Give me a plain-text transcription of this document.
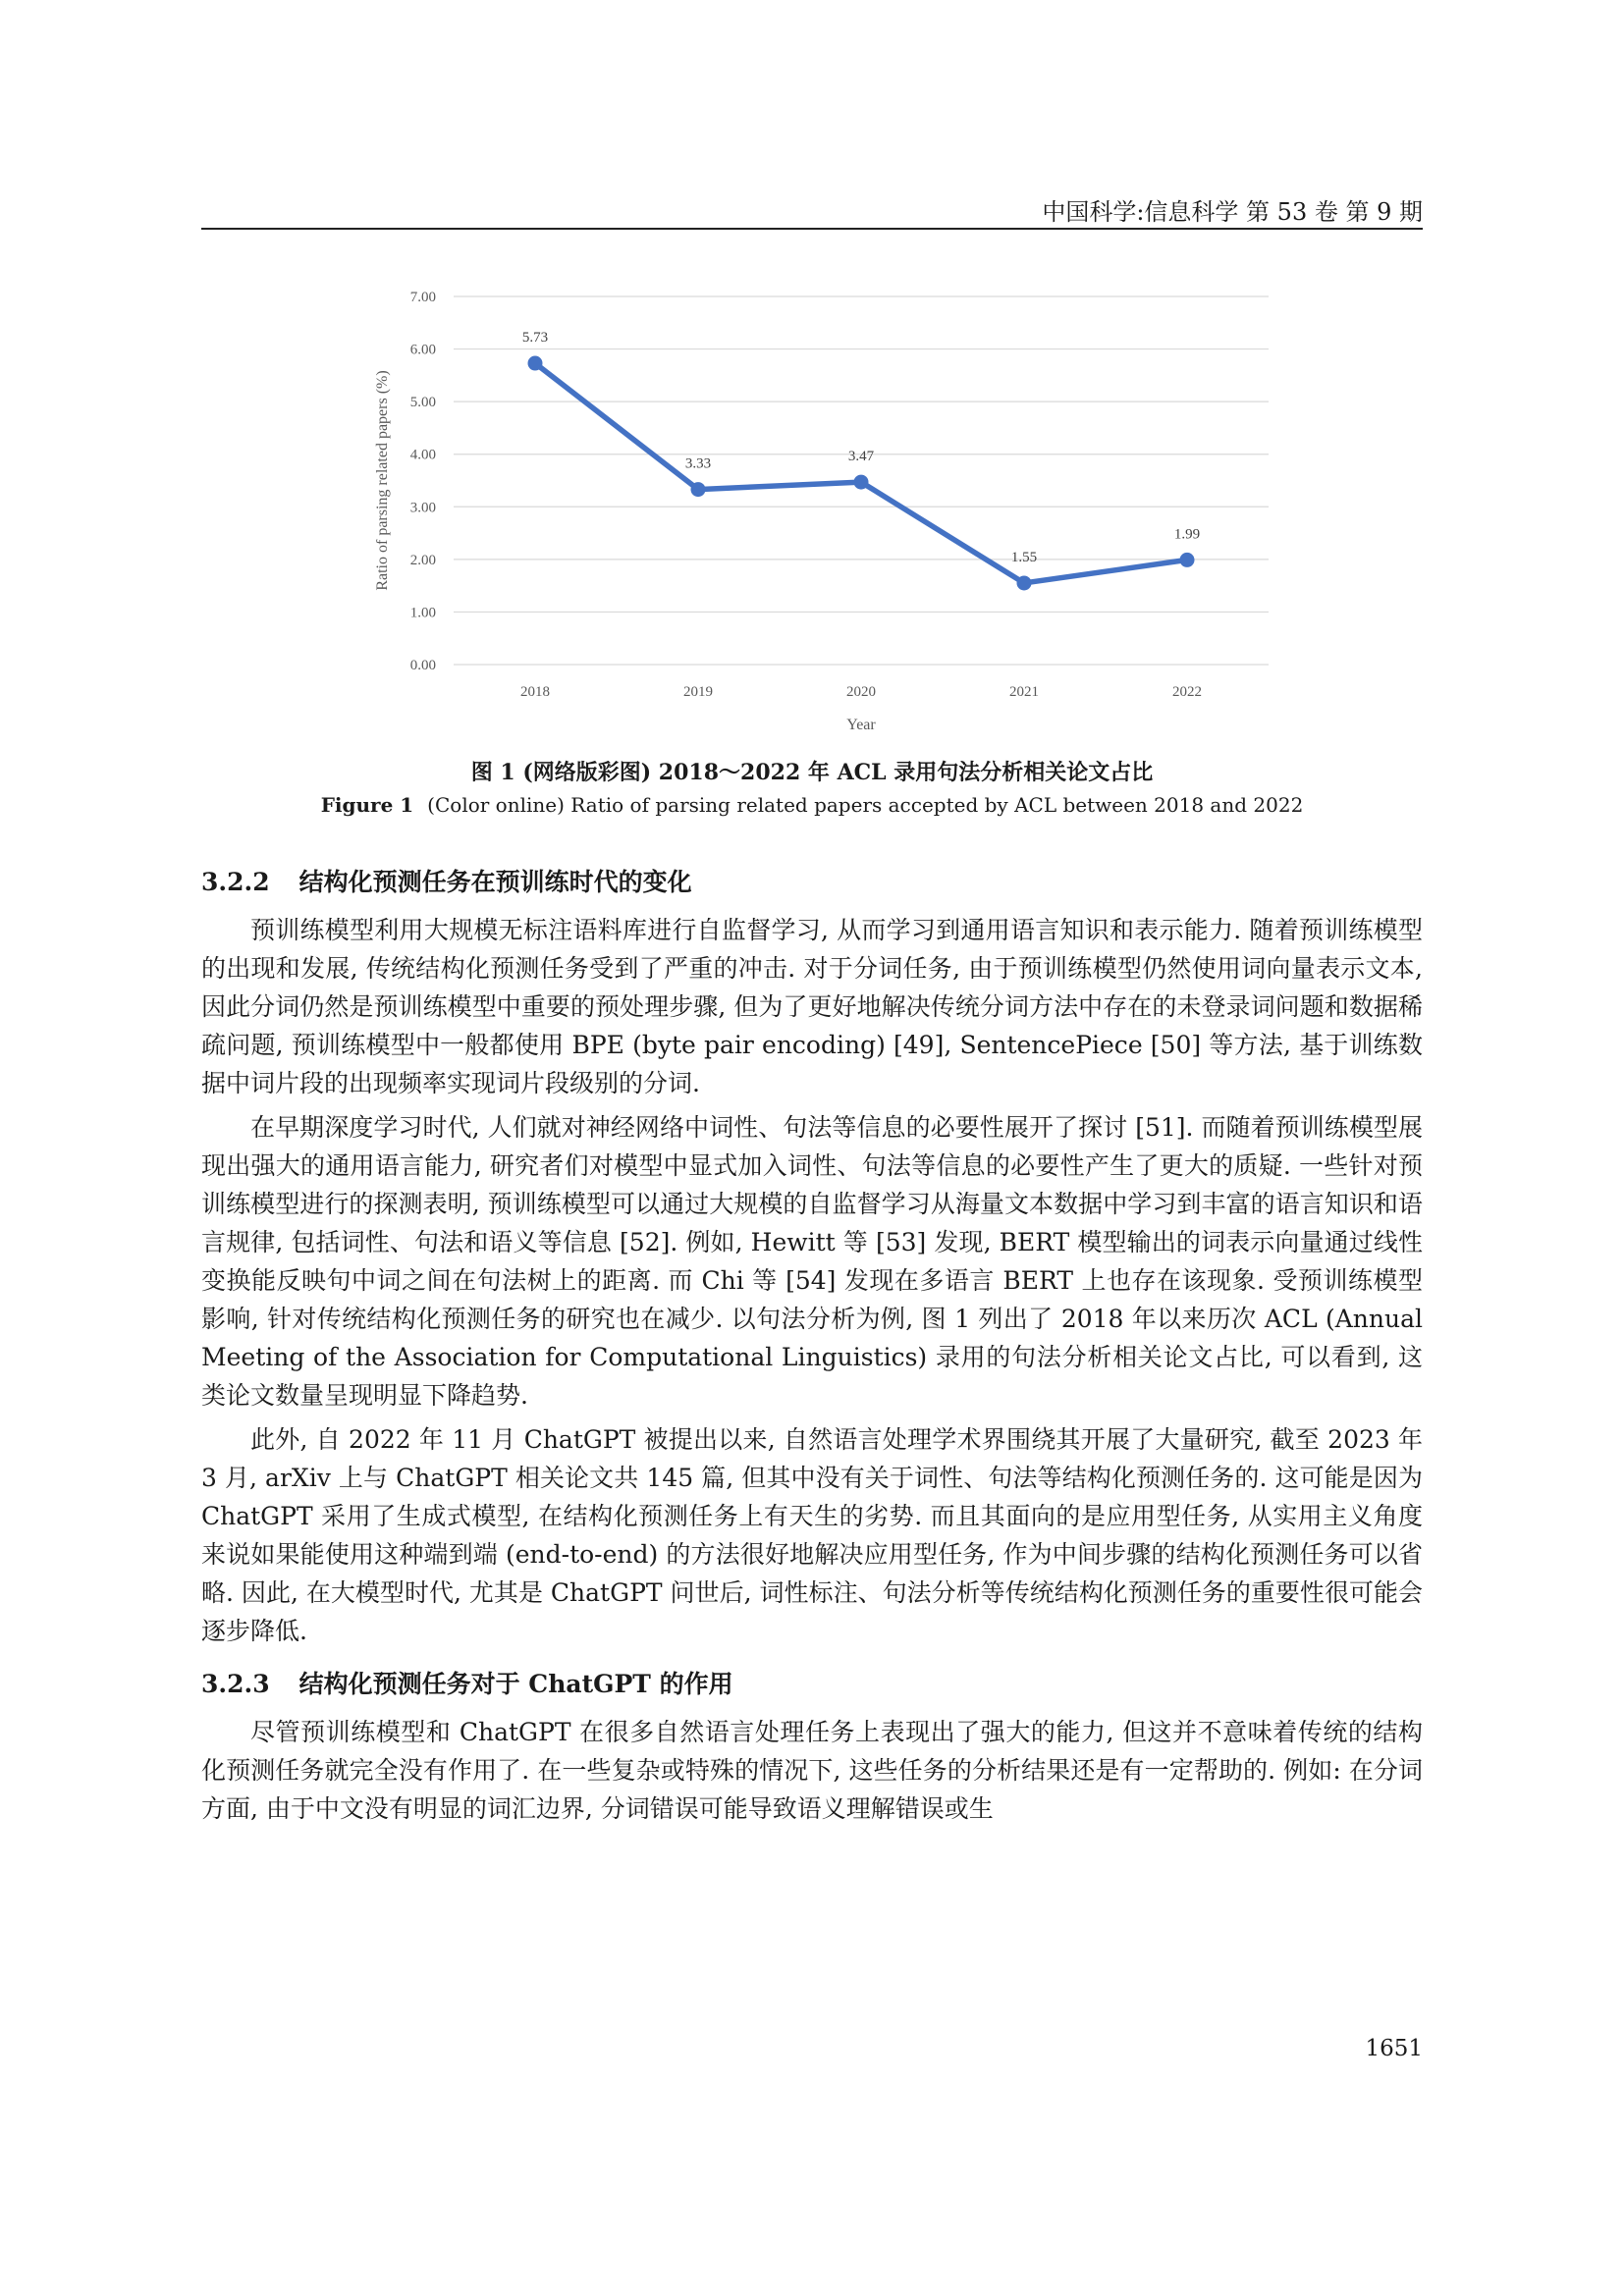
中国科学:信息科学 第 53 卷 第 9 期
0.00
1.00
2.00
3.00
4.00
5.00
6.00
7.00
2018	2019	2020	2021	2022
Year
Ratio of parsing related papers (%)
5.73
3.33	3.47
1.55
1.99
图 1 (网络版彩图) 2018～2022 年 ACL 录用句法分析相关论文占比
Figure 1 (Color online) Ratio of parsing related papers accepted by ACL between 2018 and 2022
3.2.2 结构化预测任务在预训练时代的变化

预训练模型利用大规模无标注语料库进行自监督学习, 从而学习到通用语言知识和表示能力. 随着预训练模型的出现和发展, 传统结构化预测任务受到了严重的冲击. 对于分词任务, 由于预训练模型仍然使用词向量表示文本, 因此分词仍然是预训练模型中重要的预处理步骤, 但为了更好地解决传统分词方法中存在的未登录词问题和数据稀疏问题, 预训练模型中一般都使用 BPE (byte pair encoding) [49], SentencePiece [50] 等方法, 基于训练数据中词片段的出现频率实现词片段级别的分词.

在早期深度学习时代, 人们就对神经网络中词性、句法等信息的必要性展开了探讨 [51]. 而随着预训练模型展现出强大的通用语言能力, 研究者们对模型中显式加入词性、句法等信息的必要性产生了更大的质疑. 一些针对预训练模型进行的探测表明, 预训练模型可以通过大规模的自监督学习从海量文本数据中学习到丰富的语言知识和语言规律, 包括词性、句法和语义等信息 [52]. 例如, Hewitt 等 [53] 发现, BERT 模型输出的词表示向量通过线性变换能反映句中词之间在句法树上的距离. 而 Chi 等 [54] 发现在多语言 BERT 上也存在该现象. 受预训练模型影响, 针对传统结构化预测任务的研究也在减少. 以句法分析为例, 图 1 列出了 2018 年以来历次 ACL (Annual Meeting of the Association for Computational Linguistics) 录用的句法分析相关论文占比, 可以看到, 这类论文数量呈现明显下降趋势.

此外, 自 2022 年 11 月 ChatGPT 被提出以来, 自然语言处理学术界围绕其开展了大量研究, 截至 2023 年 3 月, arXiv 上与 ChatGPT 相关论文共 145 篇, 但其中没有关于词性、句法等结构化预测任务的. 这可能是因为 ChatGPT 采用了生成式模型, 在结构化预测任务上有天生的劣势. 而且其面向的是应用型任务, 从实用主义角度来说如果能使用这种端到端 (end-to-end) 的方法很好地解决应用型任务, 作为中间步骤的结构化预测任务可以省略. 因此, 在大模型时代, 尤其是 ChatGPT 问世后, 词性标注、句法分析等传统结构化预测任务的重要性很可能会逐步降低.

3.2.3 结构化预测任务对于 ChatGPT 的作用

尽管预训练模型和 ChatGPT 在很多自然语言处理任务上表现出了强大的能力, 但这并不意味着传统的结构化预测任务就完全没有作用了. 在一些复杂或特殊的情况下, 这些任务的分析结果还是有一定帮助的. 例如: 在分词方面, 由于中文没有明显的词汇边界, 分词错误可能导致语义理解错误或生

1651
